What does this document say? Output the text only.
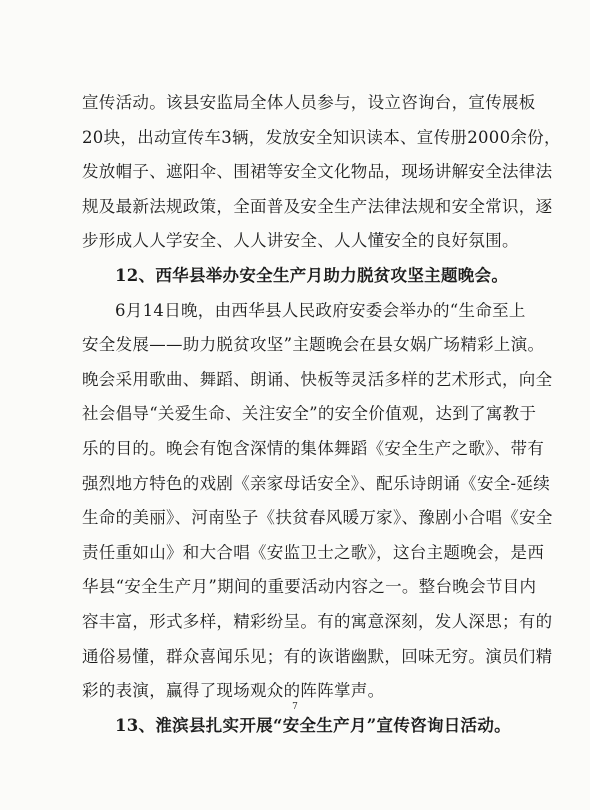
宣传活动。该县安监局全体人员参与，设立咨询台，宣传展板
20块，出动宣传车3辆，发放安全知识读本、宣传册2000余份，
发放帽子、遮阳伞、围裙等安全文化物品，现场讲解安全法律法
规及最新法规政策，全面普及安全生产法律法规和安全常识，逐
步形成人人学安全、人人讲安全、人人懂安全的良好氛围。
12、西华县举办安全生产月助力脱贫攻坚主题晚会。
6月14日晚，由西华县人民政府安委会举办的“生命至上
安全发展——助力脱贫攻坚”主题晚会在县女娲广场精彩上演。
晚会采用歌曲、舞蹈、朗诵、快板等灵活多样的艺术形式，向全
社会倡导“关爱生命、关注安全”的安全价值观，达到了寓教于
乐的目的。晚会有饱含深情的集体舞蹈《安全生产之歌》、带有
强烈地方特色的戏剧《亲家母话安全》、配乐诗朗诵《安全-延续
生命的美丽》、河南坠子《扶贫春风暖万家》、豫剧小合唱《安全
责任重如山》和大合唱《安监卫士之歌》，这台主题晚会，是西
华县“安全生产月”期间的重要活动内容之一。整台晚会节目内
容丰富，形式多样，精彩纷呈。有的寓意深刻，发人深思；有的
通俗易懂，群众喜闻乐见；有的诙谐幽默，回味无穷。演员们精
彩的表演，赢得了现场观众的阵阵掌声。
13、淮滨县扎实开展“安全生产月”宣传咨询日活动。
7
